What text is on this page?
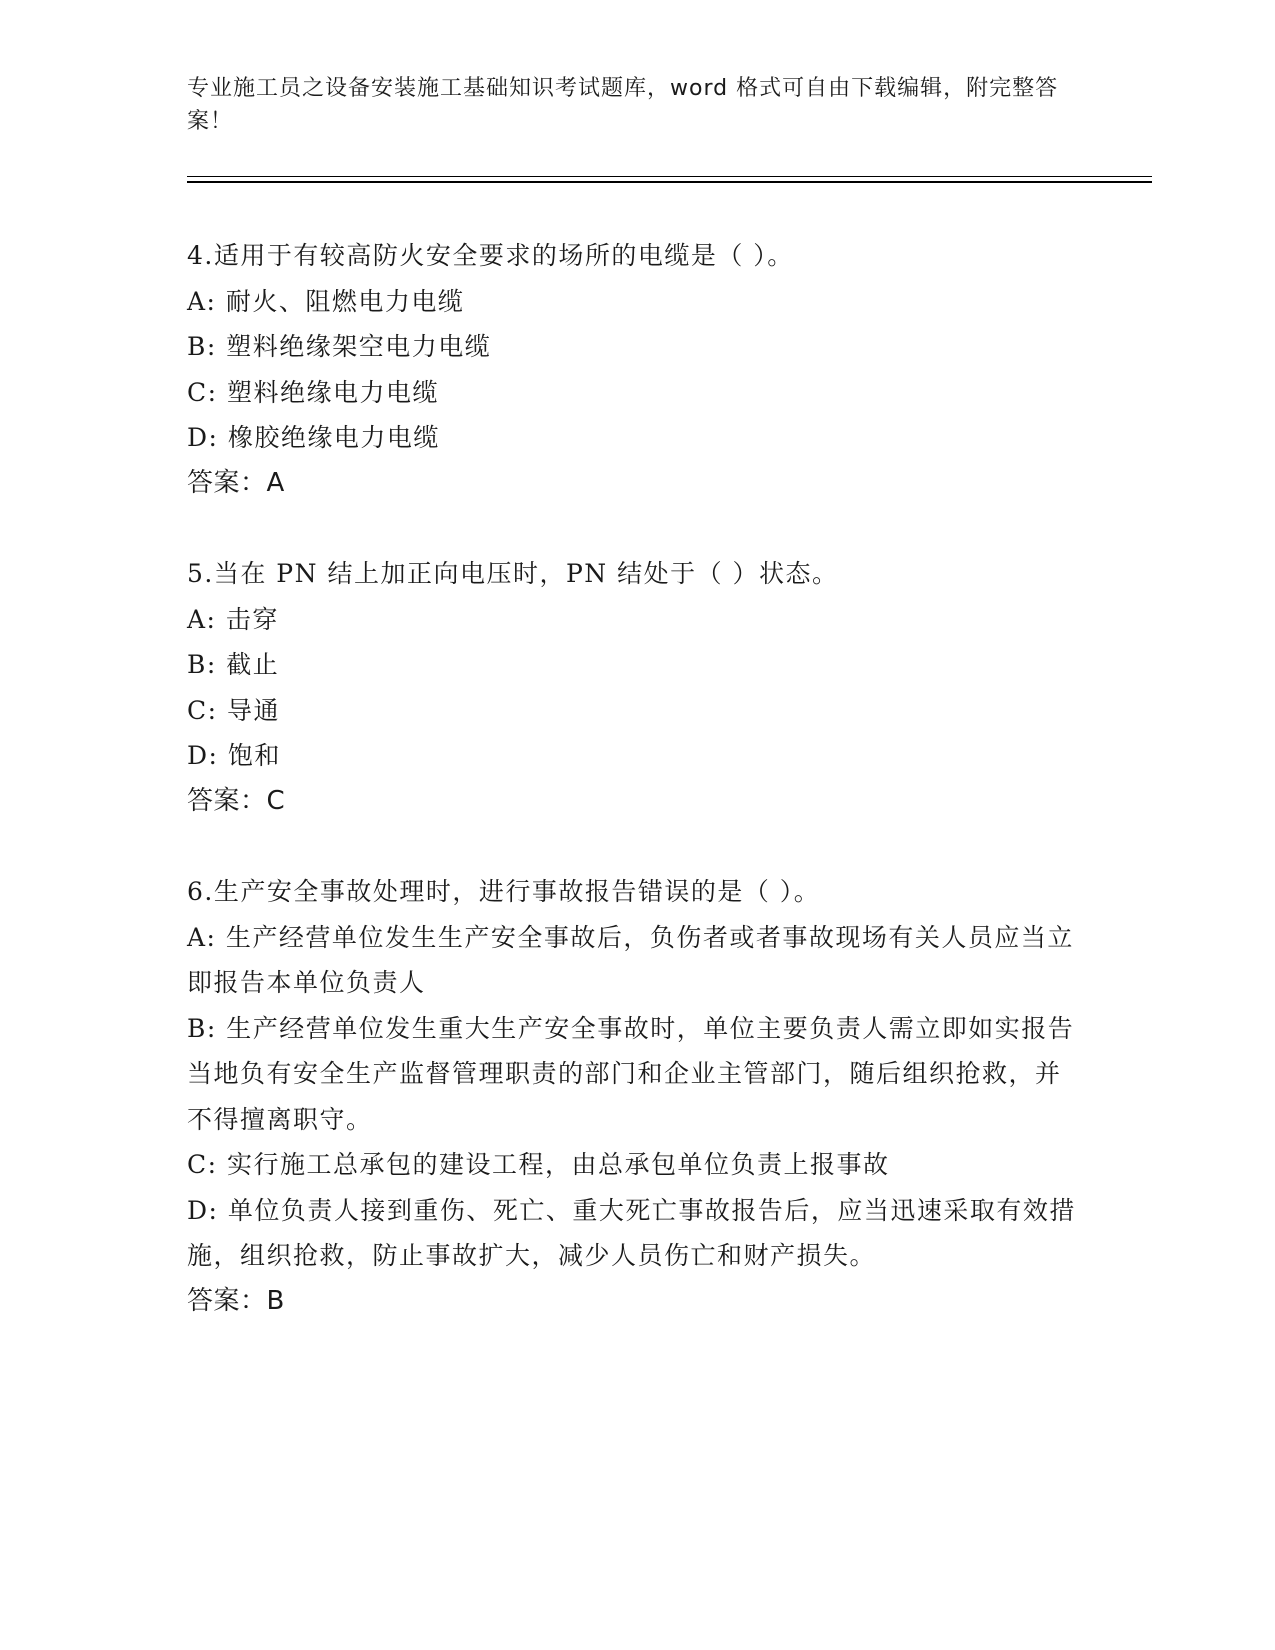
专业施工员之设备安装施工基础知识考试题库，word 格式可自由下载编辑，附完整答案！
4.适用于有较高防火安全要求的场所的电缆是（ ）。
A: 耐火、阻燃电力电缆
B: 塑料绝缘架空电力电缆
C: 塑料绝缘电力电缆
D: 橡胶绝缘电力电缆
答案：A
5.当在 PN 结上加正向电压时，PN 结处于（ ）状态。
A: 击穿
B: 截止
C: 导通
D: 饱和
答案：C
6.生产安全事故处理时，进行事故报告错误的是（ ）。
A: 生产经营单位发生生产安全事故后，负伤者或者事故现场有关人员应当立即报告本单位负责人
B: 生产经营单位发生重大生产安全事故时，单位主要负责人需立即如实报告当地负有安全生产监督管理职责的部门和企业主管部门，随后组织抢救，并不得擅离职守。
C: 实行施工总承包的建设工程，由总承包单位负责上报事故
D: 单位负责人接到重伤、死亡、重大死亡事故报告后，应当迅速采取有效措施，组织抢救，防止事故扩大，减少人员伤亡和财产损失。
答案：B
